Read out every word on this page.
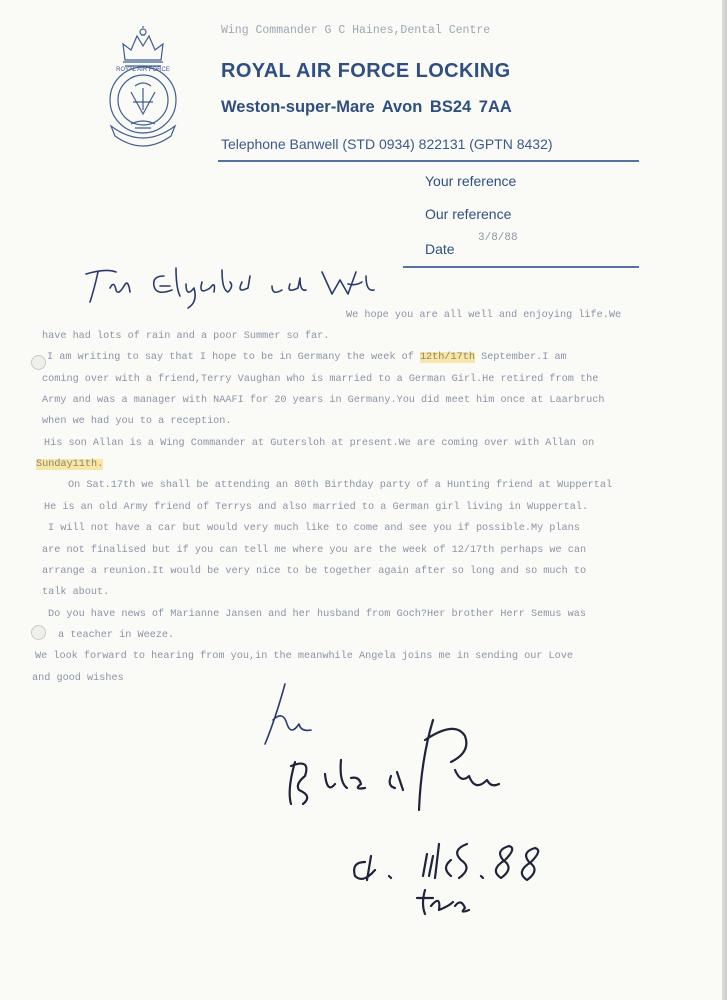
ROYAL AIR FORCE
Wing Commander G C Haines,Dental Centre
ROYAL AIR FORCE LOCKING
Weston-super-Mare Avon BS24 7AA
Telephone Banwell (STD 0934) 822131 (GPTN 8432)
Your reference
Our reference
Date
3/8/88
We hope you are all well and enjoying life.We
have had lots of rain and a poor Summer so far.
I am writing to say that I hope to be in Germany the week of 12th/17th September.I am
coming over with a friend,Terry Vaughan who is married to a German Girl.He retired from the
Army and was a manager with NAAFI for 20 years in Germany.You did meet him once at Laarbruch
when we had you to a reception.
His son Allan is a Wing Commander at Gutersloh at present.We are coming over with Allan on
Sunday11th.
On Sat.17th we shall be attending an 80th Birthday party of a Hunting friend at Wuppertal
He is an old Army friend of Terrys and also married to a German girl living in Wuppertal.
I will not have a car but would very much like to come and see you if possible.My plans
are not finalised but if you can tell me where you are the week of 12/17th perhaps we can
arrange a reunion.It would be very nice to be together again after so long and so much to
talk about.
Do you have news of Marianne Jansen and her husband from Goch?Her brother Herr Semus was
a teacher in Weeze.
We look forward to hearing from you,in the meanwhile Angela joins me in sending our Love
and good wishes
